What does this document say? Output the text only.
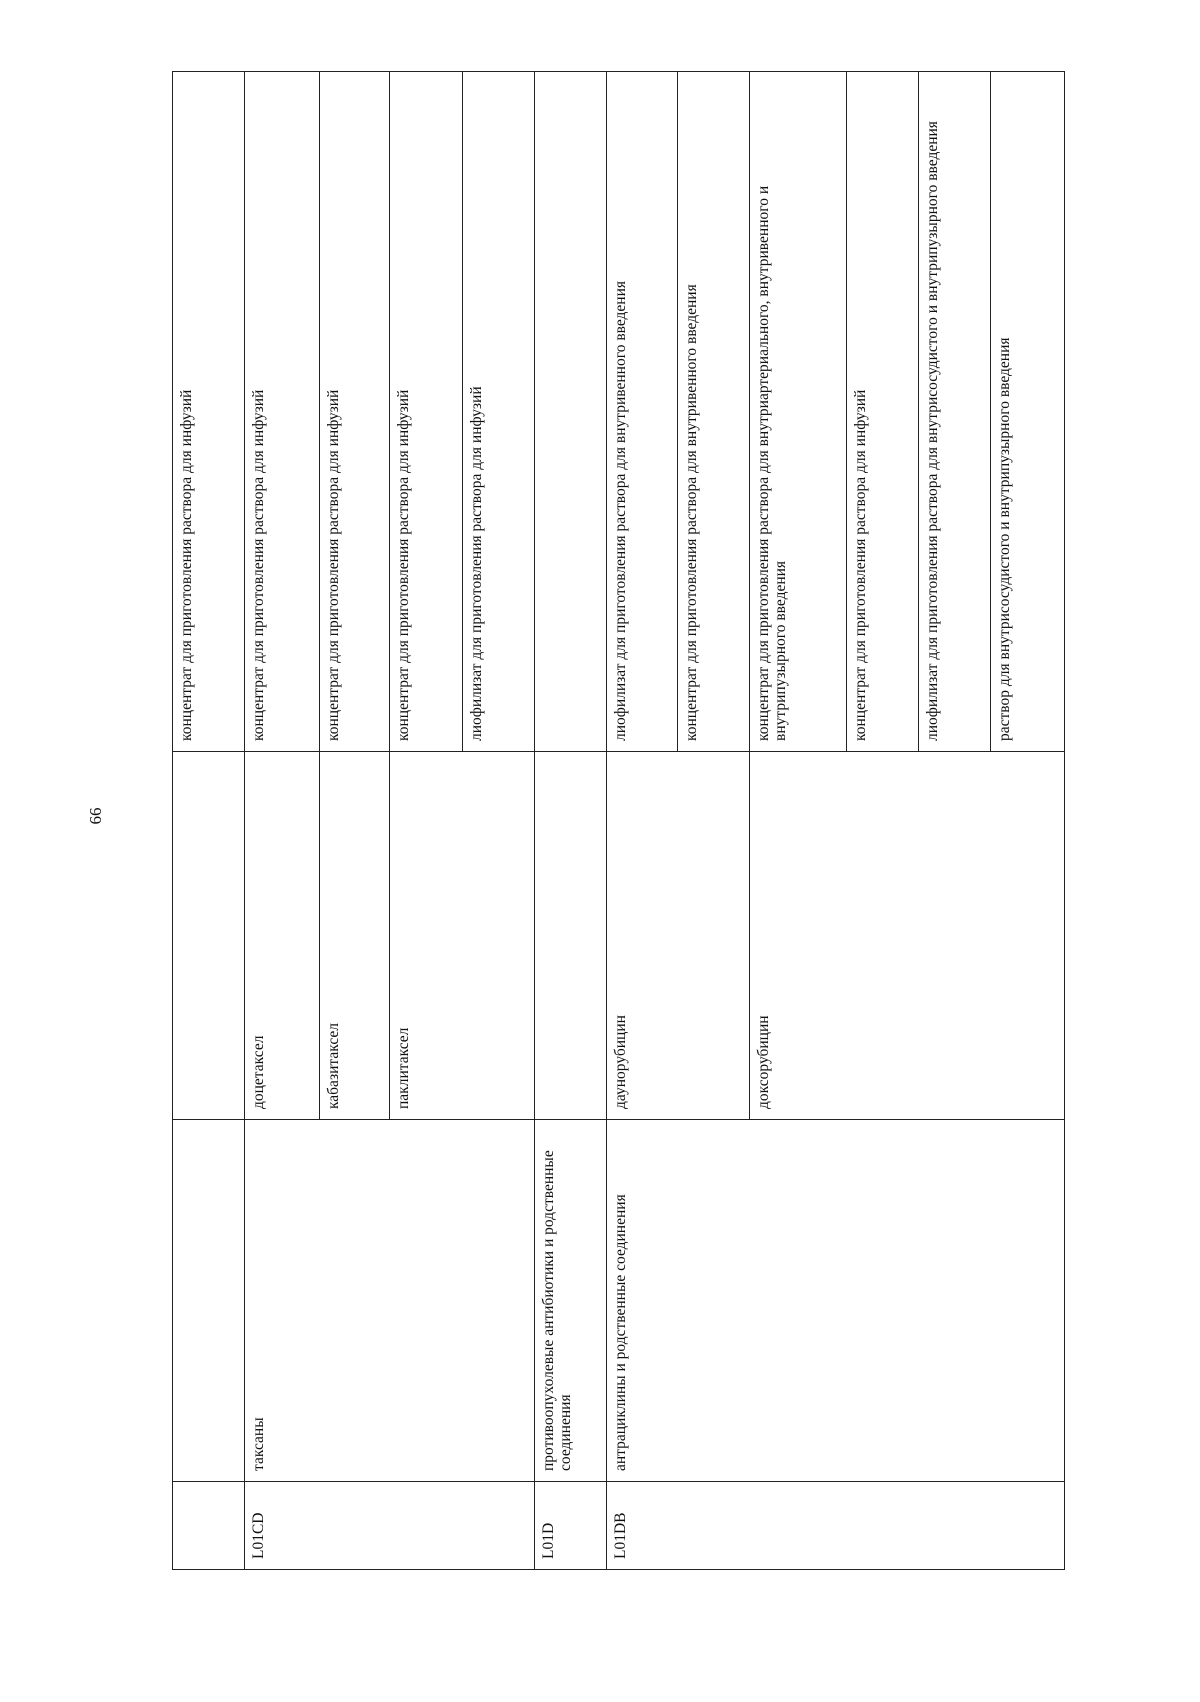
66
			концентрат для приготовления раствора для инфузий
L01CD	таксаны	доцетаксел	концентрат для приготовления раствора для инфузий
		кабазитаксел	концентрат для приготовления раствора для инфузий
		паклитаксел	концентрат для приготовления раствора для инфузий
			лиофилизат для приготовления раствора для инфузий
L01D	противоопухолевые антибиотики и родственные соединения		
L01DB	антрациклины и родственные соединения	даунорубицин	лиофилизат для приготовления раствора для внутривенного введения
			концентрат для приготовления раствора для внутривенного введения
		доксорубицин	концентрат для приготовления раствора для внутриартериального, внутривенного и внутрипузырного введения
			концентрат для приготовления раствора для инфузий
			лиофилизат для приготовления раствора для внутрисосудистого и внутрипузырного введения
			раствор для внутрисосудистого и внутрипузырного введения
